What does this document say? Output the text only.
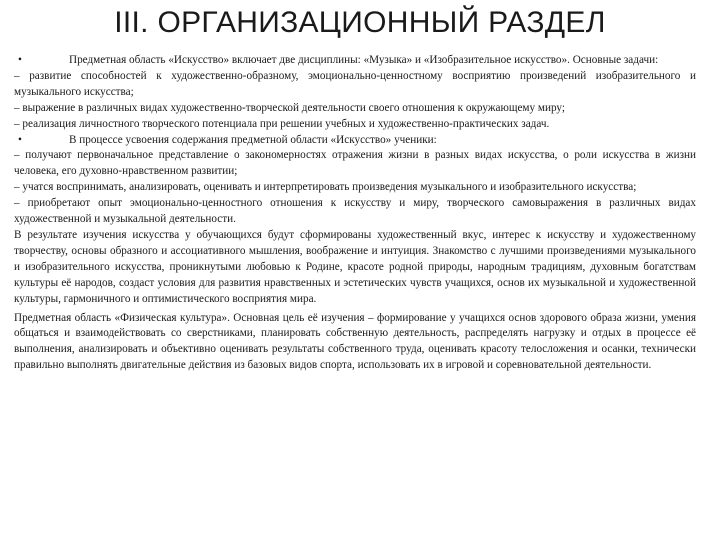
III. ОРГАНИЗАЦИОННЫЙ РАЗДЕЛ

•	Предметная область «Искусство» включает две дисциплины: «Музыка» и «Изобразительное искусство». Основные задачи:

– развитие способностей к художественно-образному, эмоционально-ценностному восприятию произведений изобразительного и музыкального искусства;

– выражение в различных видах художественно-творческой деятельности своего отношения к окружающему миру;

– реализация личностного творческого потенциала при решении учебных и художественно-практических задач.

•	В процессе усвоения содержания предметной области «Искусство» ученики:

– получают первоначальное представление о закономерностях отражения жизни в разных видах искусства, о роли искусства в жизни человека, его духовно-нравственном развитии;

– учатся воспринимать, анализировать, оценивать и интерпретировать произведения музыкального и изобразительного искусства;

– приобретают опыт эмоционально-ценностного отношения к искусству и миру, творческого самовыражения в различных видах художественной и музыкальной деятельности.

В результате изучения искусства у обучающихся будут сформированы художественный вкус, интерес к искусству и художественному творчеству, основы образного и ассоциативного мышления, воображение и интуиция. Знакомство с лучшими произведениями музыкального и изобразительного искусства, проникнутыми любовью к Родине, красоте родной природы, народным традициям, духовным богатствам культуры её народов, создаст условия для развития нравственных и эстетических чувств учащихся, основ их музыкальной и художественной культуры, гармоничного и оптимистического восприятия мира.

Предметная область «Физическая культура». Основная цель её изучения – формирование у учащихся основ здорового образа жизни, умения общаться и взаимодействовать со сверстниками, планировать собственную деятельность, распределять нагрузку и отдых в процессе её выполнения, анализировать и объективно оценивать результаты собственного труда, оценивать красоту телосложения и осанки, технически правильно выполнять двигательные действия из базовых видов спорта, использовать их в игровой и соревновательной деятельности.
